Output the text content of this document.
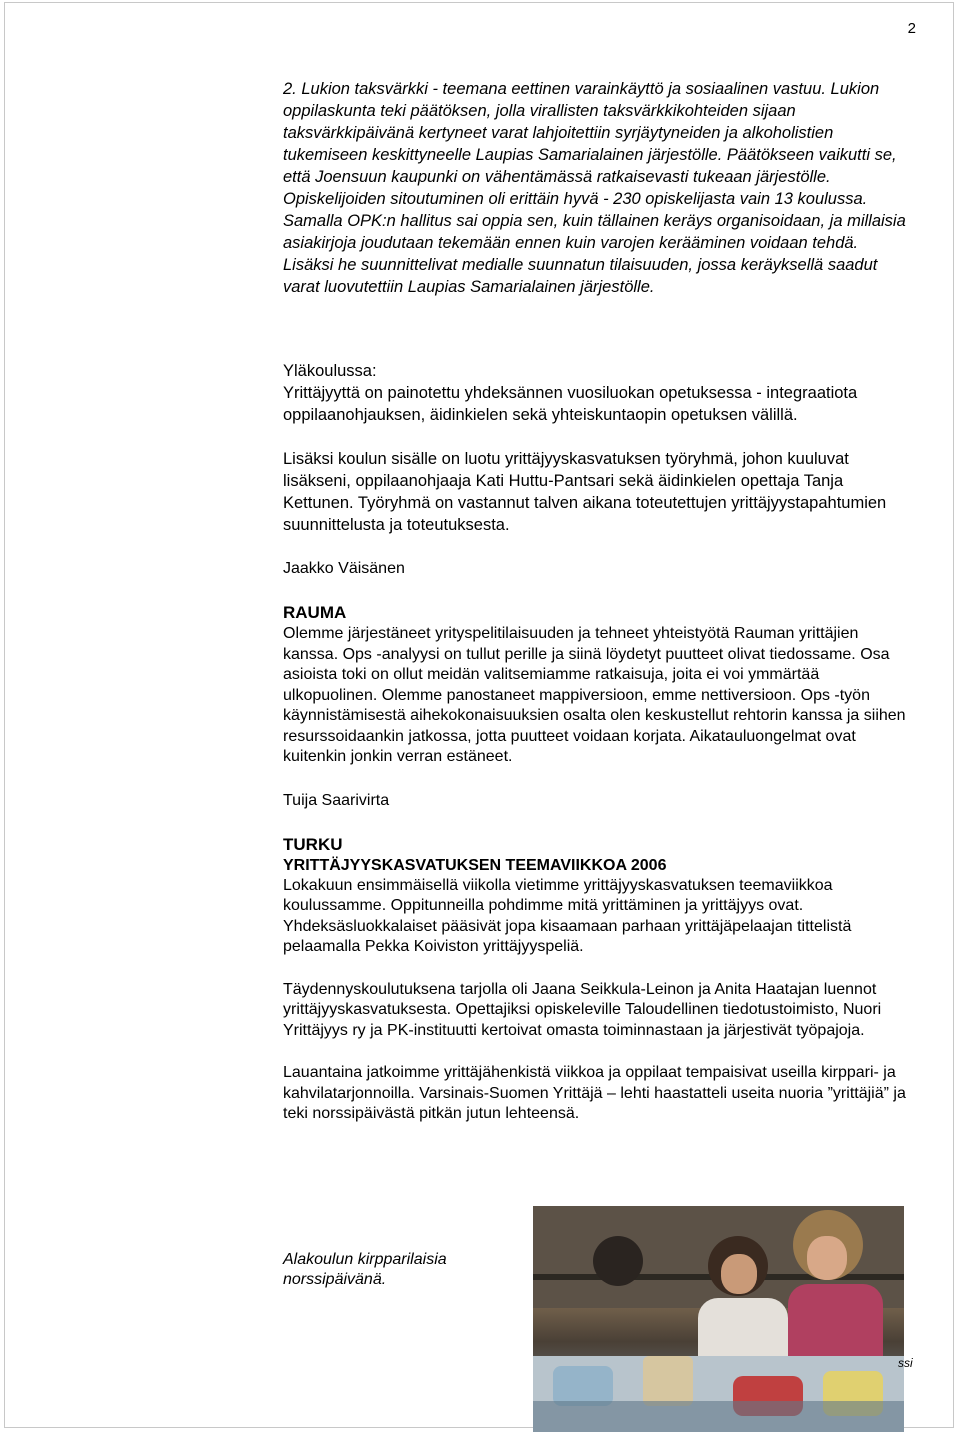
2

2. Lukion taksvärkki - teemana eettinen varainkäyttö ja sosiaalinen vastuu. Lukion oppilaskunta teki päätöksen, jolla virallisten taksvärkkikohteiden sijaan taksvärkkipäivänä kertyneet varat lahjoitettiin syrjäytyneiden ja alkoholistien tukemiseen keskittyneelle Laupias Samarialainen järjestölle. Päätökseen vaikutti se, että Joensuun kaupunki on vähentämässä ratkaisevasti tukeaan järjestölle. Opiskelijoiden sitoutuminen oli erittäin hyvä - 230 opiskelijasta vain 13 koulussa. Samalla OPK:n hallitus sai oppia sen, kuin tällainen keräys organisoidaan, ja millaisia asiakirjoja joudutaan tekemään ennen kuin varojen kerääminen voidaan tehdä. Lisäksi he suunnittelivat medialle suunnatun tilaisuuden, jossa keräyksellä saadut varat luovutettiin Laupias Samarialainen järjestölle.

Yläkoulussa:

Yrittäjyyttä on painotettu yhdeksännen vuosiluokan opetuksessa - integraatiota oppilaanohjauksen, äidinkielen sekä yhteiskuntaopin opetuksen välillä.

Lisäksi koulun sisälle on luotu yrittäjyyskasvatuksen työryhmä, johon kuuluvat lisäkseni, oppilaanohjaaja Kati Huttu-Pantsari sekä äidinkielen opettaja Tanja Kettunen. Työryhmä on vastannut talven aikana toteutettujen yrittäjyystapahtumien suunnittelusta ja toteutuksesta.

Jaakko Väisänen

RAUMA

Olemme järjestäneet yrityspelitilaisuuden ja tehneet yhteistyötä Rauman yrittäjien kanssa. Ops -analyysi on tullut perille ja siinä löydetyt puutteet olivat tiedossame. Osa asioista toki on ollut meidän valitsemiamme ratkaisuja, joita ei voi ymmärtää ulkopuolinen. Olemme panostaneet mappiversioon, emme nettiversioon. Ops -työn käynnistämisestä aihekokonaisuuksien osalta olen keskustellut rehtorin kanssa ja siihen resurssoidaankin jatkossa, jotta puutteet voidaan korjata. Aikatauluongelmat ovat kuitenkin jonkin verran estäneet.

Tuija Saarivirta

TURKU

YRITTÄJYYSKASVATUKSEN TEEMAVIIKKOA 2006

Lokakuun ensimmäisellä viikolla vietimme yrittäjyyskasvatuksen teemaviikkoa koulussamme. Oppitunneilla pohdimme mitä yrittäminen ja yrittäjyys ovat. Yhdeksäsluokkalaiset pääsivät jopa kisaamaan parhaan yrittäjäpelaajan tittelistä pelaamalla Pekka Koiviston yrittäjyyspeliä.

Täydennyskoulutuksena tarjolla oli Jaana Seikkula-Leinon ja Anita Haatajan luennot yrittäjyyskasvatuksesta. Opettajiksi opiskeleville Taloudellinen tiedotustoimisto, Nuori Yrittäjyys ry ja PK-instituutti kertoivat omasta toiminnastaan ja järjestivät työpajoja.

Lauantaina jatkoimme yrittäjähenkistä viikkoa ja oppilaat tempaisivat useilla kirppari- ja kahvilatarjonnoilla. Varsinais-Suomen Yrittäjä – lehti haastatteli useita nuoria ”yrittäjiä” ja teki norssipäivästä pitkän jutun lehteensä.

Alakoulun kirpparilaisia norssipäivänä.
ssi
